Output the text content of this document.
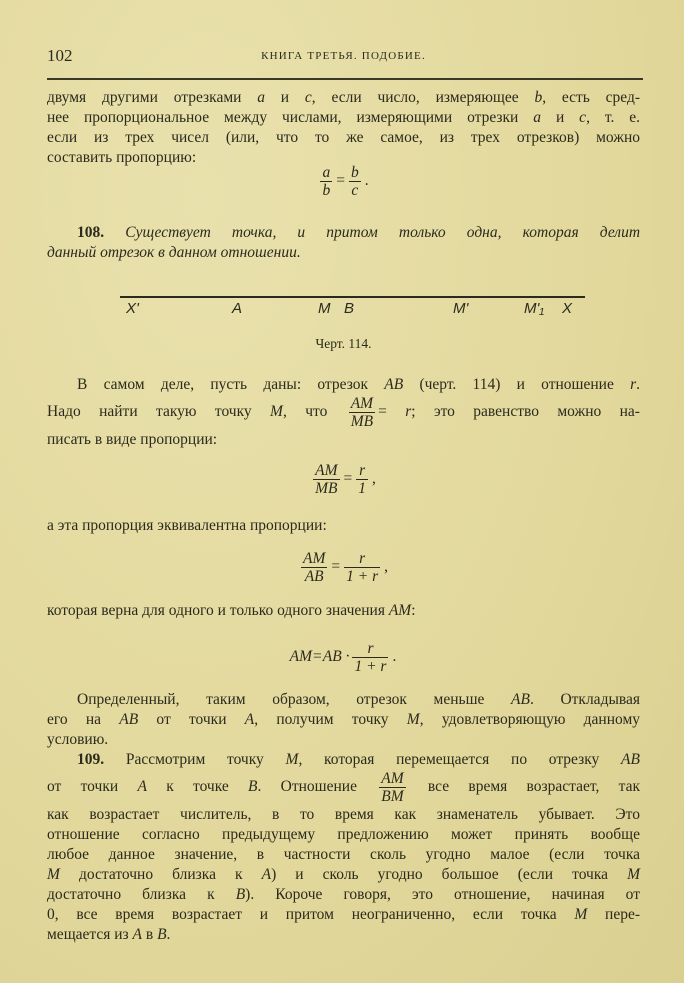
102	КНИГА ТРЕТЬЯ. ПОДОБИЕ.
двумя другими отрезками a и c, если число, измеряющее b, есть сред-
нее пропорциональное между числами, измеряющими отрезки a и c, т. е.
если из трех чисел (или, что то же самое, из трех отрезков) можно
составить пропорцию:
$\frac{a}{b} = \frac{b}{c}$ .
108. Существует точка, и притом только одна, которая делит
данный отрезок в данном отношении.
X'	A	M B	M'	M'₁ X
Черт. 114.
В самом деле, пусть даны: отрезок AB (черт. 114) и отношение r.
Надо найти такую точку M, что $\frac{AM}{MB} = r$; это равенство можно на-
писать в виде пропорции:
$\frac{AM}{MB} = \frac{r}{1}$ ,
а эта пропорция эквивалентна пропорции:
$\frac{AM}{AB} = \frac{r}{1 + r}$ ,
которая верна для одного и только одного значения AM:
$AM=AB \cdot \frac{r}{1 + r}$ .
Определенный, таким образом, отрезок меньше AB. Откладывая
его на AB от точки A, получим точку M, удовлетворяющую данному
условию.
109. Рассмотрим точку M, которая перемещается по отрезку AB
от точки A к точке B. Отношение $\frac{AM}{BM}$ все время возрастает, так
как возрастает числитель, в то время как знаменатель убывает. Это
отношение согласно предыдущему предложению может принять вообще
любое данное значение, в частности сколь угодно малое (если точка
M достаточно близка к A) и сколь угодно большое (если точка M
достаточно близка к B). Короче говоря, это отношение, начиная от
0, все время возрастает и притом неограниченно, если точка M пере-
мещается из A в B.
